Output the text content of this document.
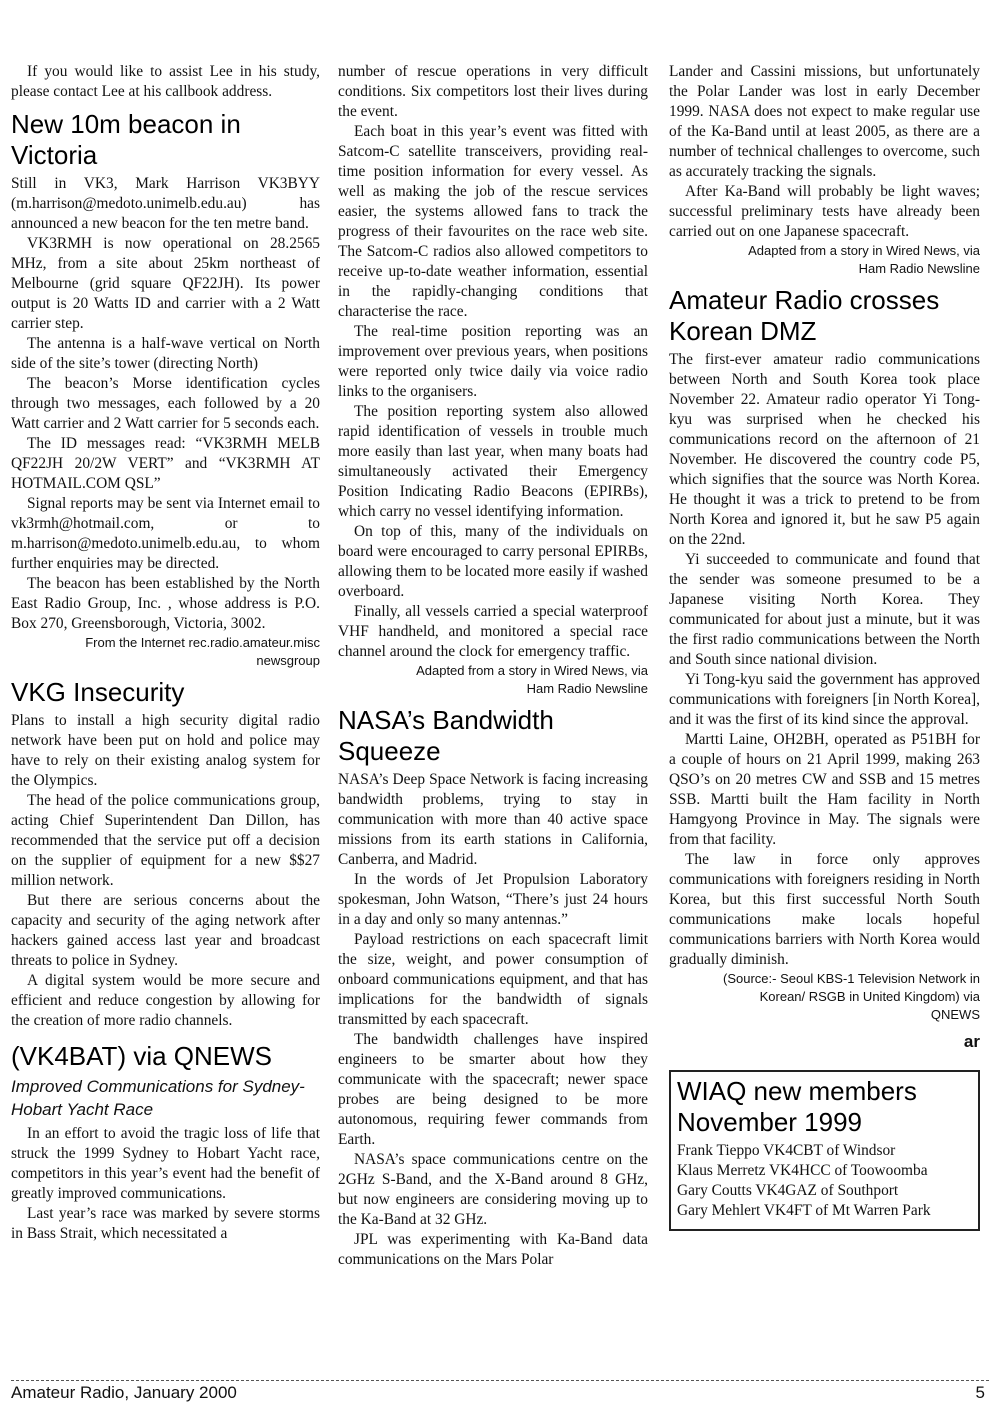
If you would like to assist Lee in his study, please contact Lee at his callbook address.

New 10m beacon in Victoria

Still in VK3, Mark Harrison VK3BYY (m.harrison@medoto.unimelb.edu.au) has announced a new beacon for the ten metre band.

VK3RMH is now operational on 28.2565 MHz, from a site about 25km northeast of Melbourne (grid square QF22JH). Its power output is 20 Watts ID and carrier with a 2 Watt carrier step.

The antenna is a half-wave vertical on North side of the site’s tower (directing North)

The beacon’s Morse identification cycles through two messages, each followed by a 20 Watt carrier and 2 Watt carrier for 5 seconds each.

The ID messages read: “VK3RMH MELB QF22JH 20/2W VERT” and “VK3RMH AT HOTMAIL.COM QSL”

Signal reports may be sent via Internet email to vk3rmh@hotmail.com, or to m.harrison@medoto.unimelb.edu.au, to whom further enquiries may be directed.

The beacon has been established by the North East Radio Group, Inc. , whose address is P.O. Box 270, Greensborough, Victoria, 3002.

From the Internet rec.radio.amateur.misc
newsgroup
VKG Insecurity

Plans to install a high security digital radio network have been put on hold and police may have to rely on their existing analog system for the Olympics.

The head of the police communications group, acting Chief Superintendent Dan Dillon, has recommended that the service put off a decision on the supplier of equipment for a new $$27 million network.

But there are serious concerns about the capacity and security of the aging network after hackers gained access last year and broadcast threats to police in Sydney.

A digital system would be more secure and efficient and reduce congestion by allowing for the creation of more radio channels.

(VK4BAT) via QNEWS
Improved Communications for Sydney-Hobart Yacht Race

In an effort to avoid the tragic loss of life that struck the 1999 Sydney to Hobart Yacht race, competitors in this year’s event had the benefit of greatly improved communications.

Last year’s race was marked by severe storms in Bass Strait, which necessitated a

number of rescue operations in very difficult conditions. Six competitors lost their lives during the event.

Each boat in this year’s event was fitted with Satcom-C satellite transceivers, providing real-time position information for every vessel. As well as making the job of the rescue services easier, the systems allowed fans to track the progress of their favourites on the race web site. The Satcom-C radios also allowed competitors to receive up-to-date weather information, essential in the rapidly-changing conditions that characterise the race.

The real-time position reporting was an improvement over previous years, when positions were reported only twice daily via voice radio links to the organisers.

The position reporting system also allowed rapid identification of vessels in trouble much more easily than last year, when many boats had simultaneously activated their Emergency Position Indicating Radio Beacons (EPIRBs), which carry no vessel identifying information.

On top of this, many of the individuals on board were encouraged to carry personal EPIRBs, allowing them to be located more easily if washed overboard.

Finally, all vessels carried a special waterproof VHF handheld, and monitored a special race channel around the clock for emergency traffic.

Adapted from a story in Wired News, via
Ham Radio Newsline
NASA’s Bandwidth Squeeze

NASA’s Deep Space Network is facing increasing bandwidth problems, trying to stay in communication with more than 40 active space missions from its earth stations in California, Canberra, and Madrid.

In the words of Jet Propulsion Laboratory spokesman, John Watson, “There’s just 24 hours in a day and only so many antennas.”

Payload restrictions on each spacecraft limit the size, weight, and power consumption of onboard communications equipment, and that has implications for the bandwidth of signals transmitted by each spacecraft.

The bandwidth challenges have inspired engineers to be smarter about how they communicate with the spacecraft; newer space probes are being designed to be more autonomous, requiring fewer commands from Earth.

NASA’s space communications centre on the 2GHz S-Band, and the X-Band around 8 GHz, but now engineers are considering moving up to the Ka-Band at 32 GHz.

JPL was experimenting with Ka-Band data communications on the Mars Polar

Lander and Cassini missions, but unfortunately the Polar Lander was lost in early December 1999. NASA does not expect to make regular use of the Ka-Band until at least 2005, as there are a number of technical challenges to overcome, such as accurately tracking the signals.

After Ka-Band will probably be light waves; successful preliminary tests have already been carried out on one Japanese spacecraft.

Adapted from a story in Wired News, via
Ham Radio Newsline
Amateur Radio crosses Korean DMZ

The first-ever amateur radio communications between North and South Korea took place November 22. Amateur radio operator Yi Tong-kyu was surprised when he checked his communications record on the afternoon of 21 November. He discovered the country code P5, which signifies that the source was North Korea. He thought it was a trick to pretend to be from North Korea and ignored it, but he saw P5 again on the 22nd.

Yi succeeded to communicate and found that the sender was someone presumed to be a Japanese visiting North Korea. They communicated for about just a minute, but it was the first radio communications between the North and South since national division.

Yi Tong-kyu said the government has approved communications with foreigners [in North Korea], and it was the first of its kind since the approval.

Martti Laine, OH2BH, operated as P51BH for a couple of hours on 21 April 1999, making 263 QSO’s on 20 metres CW and SSB and 15 metres SSB. Martti built the Ham facility in North Hamgyong Province in May. The signals were from that facility.

The law in force only approves communications with foreigners residing in North Korea, but this first successful North South communications make locals hopeful communications barriers with North Korea would gradually diminish.

(Source:- Seoul KBS-1 Television Network in
Korean/ RSGB in United Kingdom) via
QNEWS
ar
WIAQ new members November 1999

Frank Tieppo VK4CBT of Windsor

Klaus Merretz VK4HCC of Toowoomba

Gary Coutts VK4GAZ of Southport

Gary Mehlert VK4FT of Mt Warren Park

Amateur Radio, January 2000	5
